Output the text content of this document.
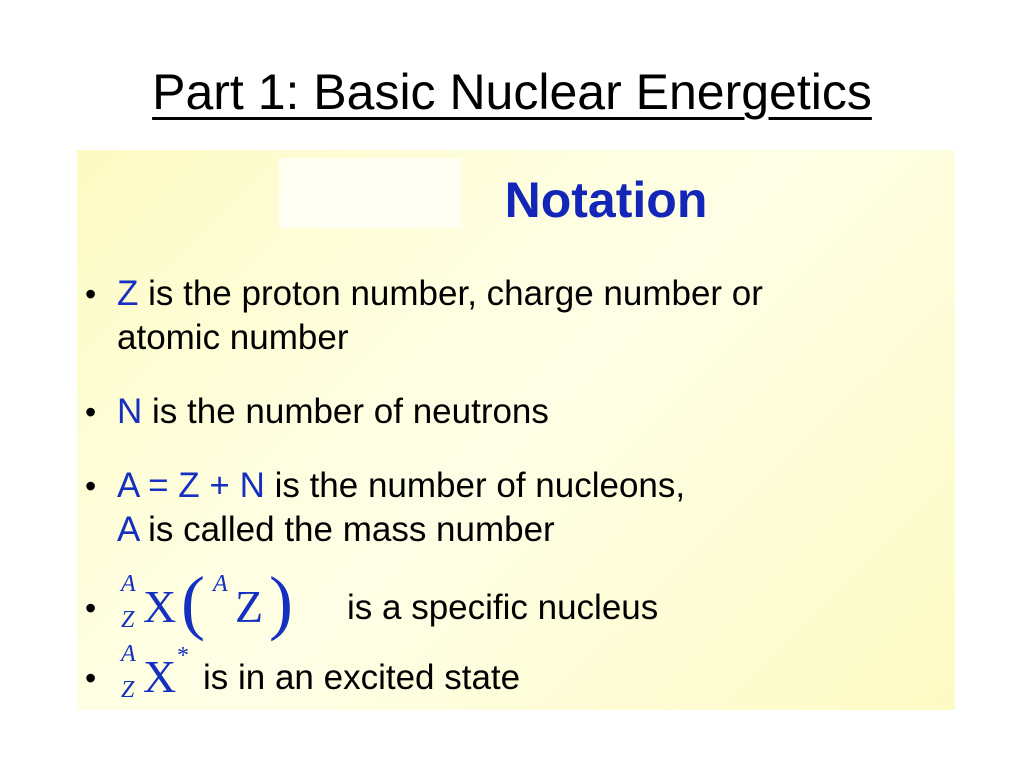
Part 1: Basic Nuclear Energetics
Notation
• Z is the proton number, charge number or
atomic number
• N is the number of neutrons
• A = Z + N is the number of nucleons,
A is called the mass number
•
A
Z X ( A Z ) is a specific nucleus
•
A
Z X *
is in an excited state
